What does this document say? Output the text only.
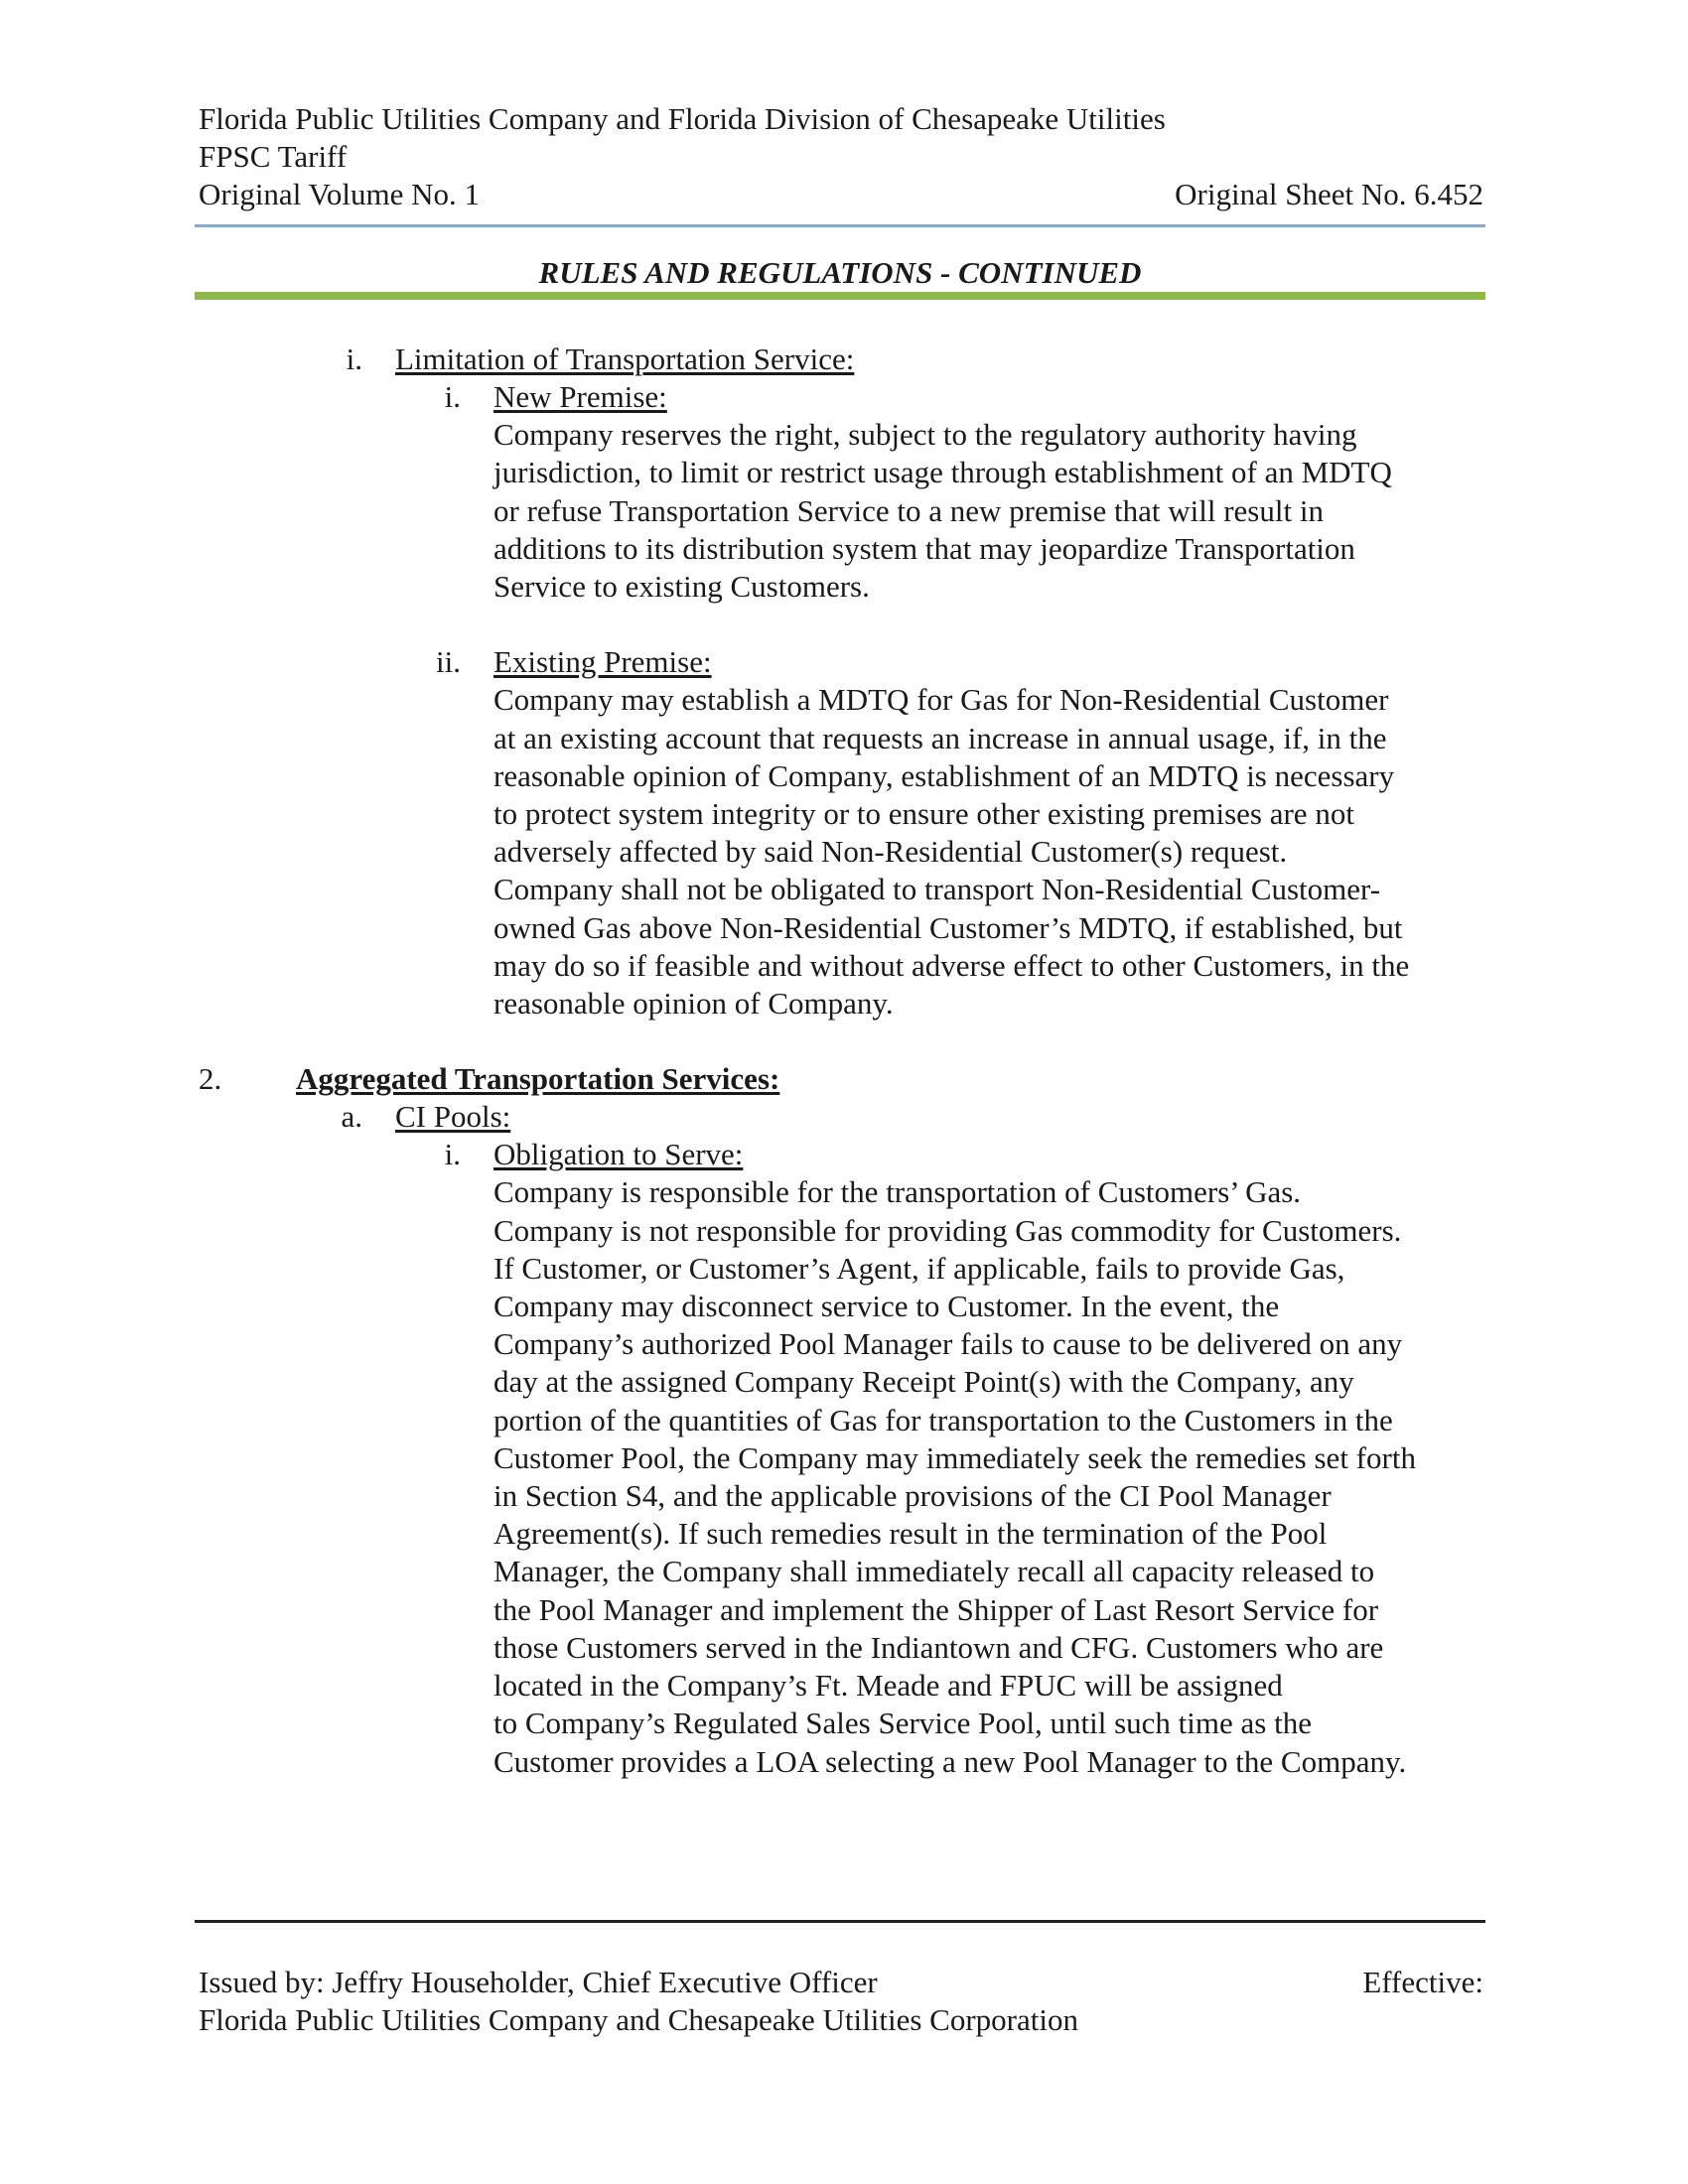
Florida Public Utilities Company and Florida Division of Chesapeake Utilities
FPSC Tariff
Original Volume No. 1	Original Sheet No. 6.452
RULES AND REGULATIONS - CONTINUED
i. Limitation of Transportation Service:
i. New Premise:
Company reserves the right, subject to the regulatory authority having
jurisdiction, to limit or restrict usage through establishment of an MDTQ
or refuse Transportation Service to a new premise that will result in
additions to its distribution system that may jeopardize Transportation
Service to existing Customers.
ii. Existing Premise:
Company may establish a MDTQ for Gas for Non-Residential Customer
at an existing account that requests an increase in annual usage, if, in the
reasonable opinion of Company, establishment of an MDTQ is necessary
to protect system integrity or to ensure other existing premises are not
adversely affected by said Non-Residential Customer(s) request.
Company shall not be obligated to transport Non-Residential Customer-
owned Gas above Non-Residential Customer’s MDTQ, if established, but
may do so if feasible and without adverse effect to other Customers, in the
reasonable opinion of Company.
2. Aggregated Transportation Services:
a. CI Pools:
i. Obligation to Serve:
Company is responsible for the transportation of Customers’ Gas.
Company is not responsible for providing Gas commodity for Customers.
If Customer, or Customer’s Agent, if applicable, fails to provide Gas,
Company may disconnect service to Customer. In the event, the
Company’s authorized Pool Manager fails to cause to be delivered on any
day at the assigned Company Receipt Point(s) with the Company, any
portion of the quantities of Gas for transportation to the Customers in the
Customer Pool, the Company may immediately seek the remedies set forth
in Section S4, and the applicable provisions of the CI Pool Manager
Agreement(s). If such remedies result in the termination of the Pool
Manager, the Company shall immediately recall all capacity released to
the Pool Manager and implement the Shipper of Last Resort Service for
those Customers served in the Indiantown and CFG. Customers who are
located in the Company’s Ft. Meade and FPUC will be assigned
to Company’s Regulated Sales Service Pool, until such time as the
Customer provides a LOA selecting a new Pool Manager to the Company.
Issued by: Jeffry Householder, Chief Executive Officer	Effective:
Florida Public Utilities Company and Chesapeake Utilities Corporation
